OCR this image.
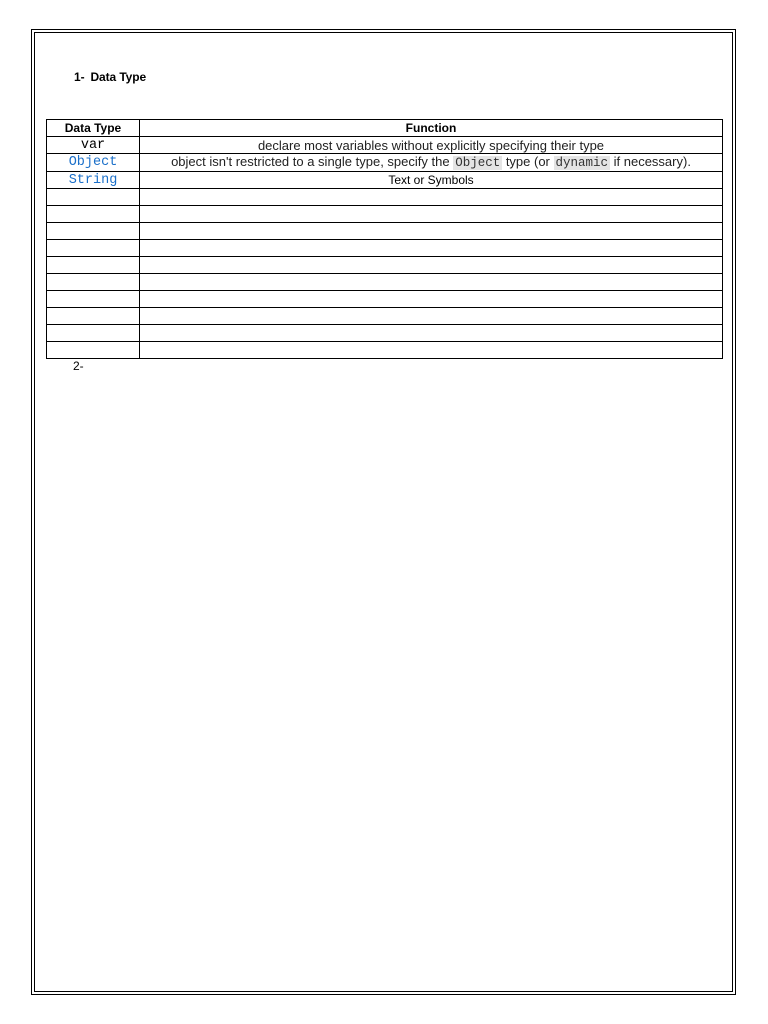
1- Data Type
Data Type	Function
var	declare most variables without explicitly specifying their type
Object	object isn't restricted to a single type, specify the Object type (or dynamic if necessary).
String	Text or Symbols

2-
